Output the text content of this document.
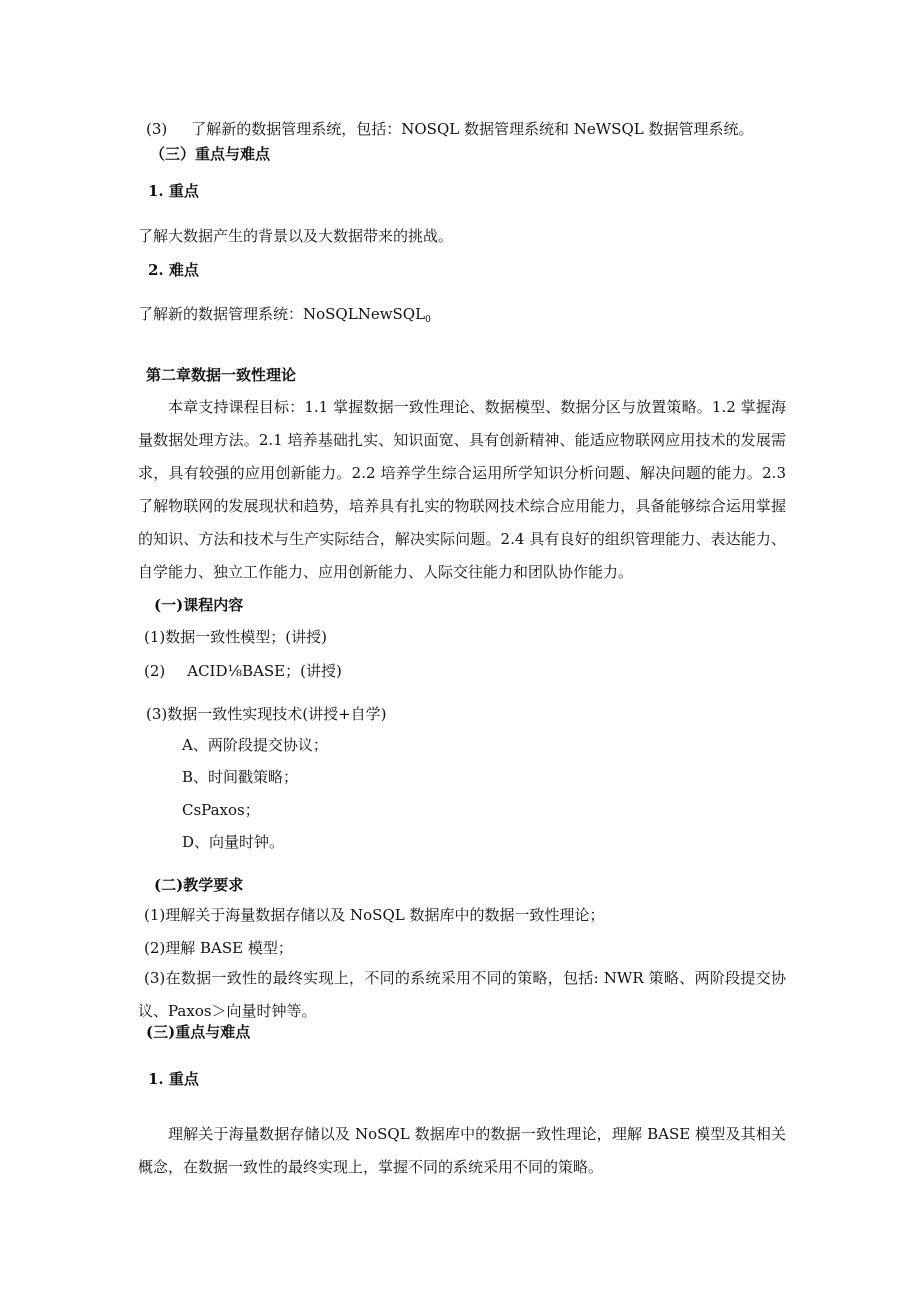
(3) 了解新的数据管理系统，包括：NOSQL 数据管理系统和 NeWSQL 数据管理系统。
（三）重点与难点
1. 重点
了解大数据产生的背景以及大数据带来的挑战。
2. 难点
了解新的数据管理系统：NoSQLNewSQL$_0$
第二章数据一致性理论

本章支持课程目标：1.1 掌握数据一致性理论、数据模型、数据分区与放置策略。1.2 掌握海量数据处理方法。2.1 培养基础扎实、知识面宽、具有创新精神、能适应物联网应用技术的发展需求，具有较强的应用创新能力。2.2 培养学生综合运用所学知识分析问题、解决问题的能力。2.3 了解物联网的发展现状和趋势，培养具有扎实的物联网技术综合应用能力，具备能够综合运用掌握的知识、方法和技术与生产实际结合，解决实际问题。2.4 具有良好的组织管理能力、表达能力、自学能力、独立工作能力、应用创新能力、人际交往能力和团队协作能力。

(一)课程内容
(1)数据一致性模型；(讲授)
(2) ACID⅛BASE；(讲授)
(3)数据一致性实现技术(讲授+自学)
A、两阶段提交协议；
B、时间戳策略；
CsPaxos；
D、向量时钟。
(二)教学要求
(1)理解关于海量数据存储以及 NoSQL 数据库中的数据一致性理论；
(2)理解 BASE 模型；

(3)在数据一致性的最终实现上，不同的系统采用不同的策略，包括: NWR 策略、两阶段提交协议、Paxos＞向量时钟等。

(三)重点与难点
1. 重点

理解关于海量数据存储以及 NoSQL 数据库中的数据一致性理论，理解 BASE 模型及其相关概念，在数据一致性的最终实现上，掌握不同的系统采用不同的策略。
